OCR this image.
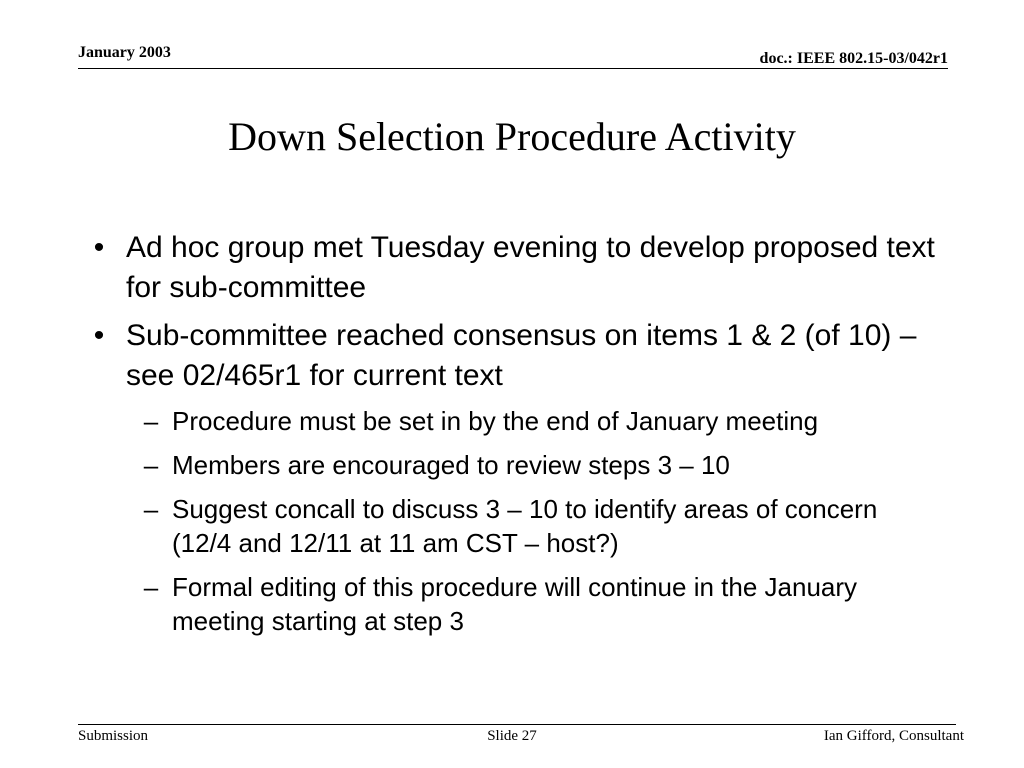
January 2003	doc.: IEEE 802.15-03/042r1
Down Selection Procedure Activity
• Ad hoc group met Tuesday evening to develop proposed text for sub-committee
• Sub-committee reached consensus on items 1 & 2 (of 10) – see 02/465r1 for current text
– Procedure must be set in by the end of January meeting
– Members are encouraged to review steps 3 – 10
– Suggest concall to discuss 3 – 10 to identify areas of concern (12/4 and 12/11 at 11 am CST – host?)
– Formal editing of this procedure will continue in the January meeting starting at step 3
Submission	Slide 27	Ian Gifford, Consultant
